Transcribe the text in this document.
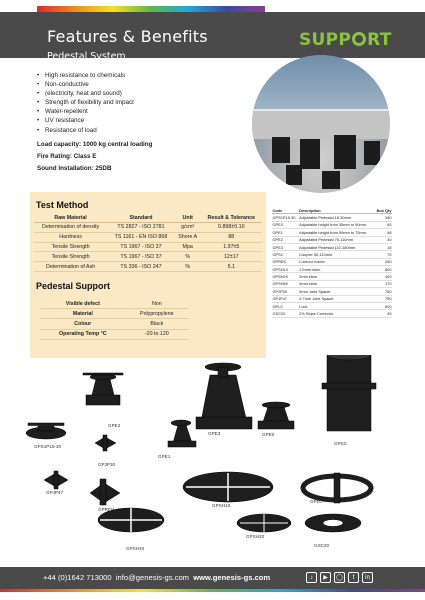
Features & Benefits
Pedestal System
SUPP RT
• High resistance to chemicals
• Non-conductive
• (electricity, heat and sound)
• Strength of flexibility and impact
• Water-repellent
• UV resistance
• Resistance of load
Load capacity: 1000 kg central loading
Fire Rating: Class E
Sound Installation: 25DB
Test Method
Raw Material	Standard	Unit	Result & Tolerance
Determination of density	TS 2827 - ISO 2781	g/cm³	0.898±0.10
Hardness	TS 1161 - EN ISO 868	Shore A	88
Tensile Strength	TS 1967 - ISO 37	Mpa	1.97±5
Tensile Strength	TS 1967 - ISO 37	%	12±17
Determination of Ash	TS 336 - ISO 247	%	5.1
Pedestal Support
Visible defect	Non
Material	Polypropylene
Colour	Black
Operating Temp °C	-20 to 120
Code	Description	Box Qty
GPS1P15-30	Adjustable Pedestal 15-30mm	150
GPE0	Adjustable height from 35mm to 50mm	65
GPE1	Adjustable height from 50mm to 75mm	48
GPE2	Adjustable Pedestal 75-110mm	30
GPE3	Adjustable Pedestal 110-180mm	18
GPSC	Coupler 50-110mm	75
GPREK	Contour holder	250
GPSH10	1.5mm shim	600
GPSH20	2mm shim	400
GPSH60	3mm shim	170
GPJP30	3mm Joint Spacer	750
GPJP47	4.7mm Joint Spacer	750
GPLC	Lock	600
GSC20	2% Slope Corrector	45
GPS1P15-30
GPE2
GPE3
GPSC
GPE1
GPJP30
GPE0
GPJP47
GPLC
GPSH10
GPREH
GPSH20
GSC20
GPSH30
+44 (0)1642 713000 info@genesis-gs.com www.genesis-gs.com	♪	▶	◯	f	in
